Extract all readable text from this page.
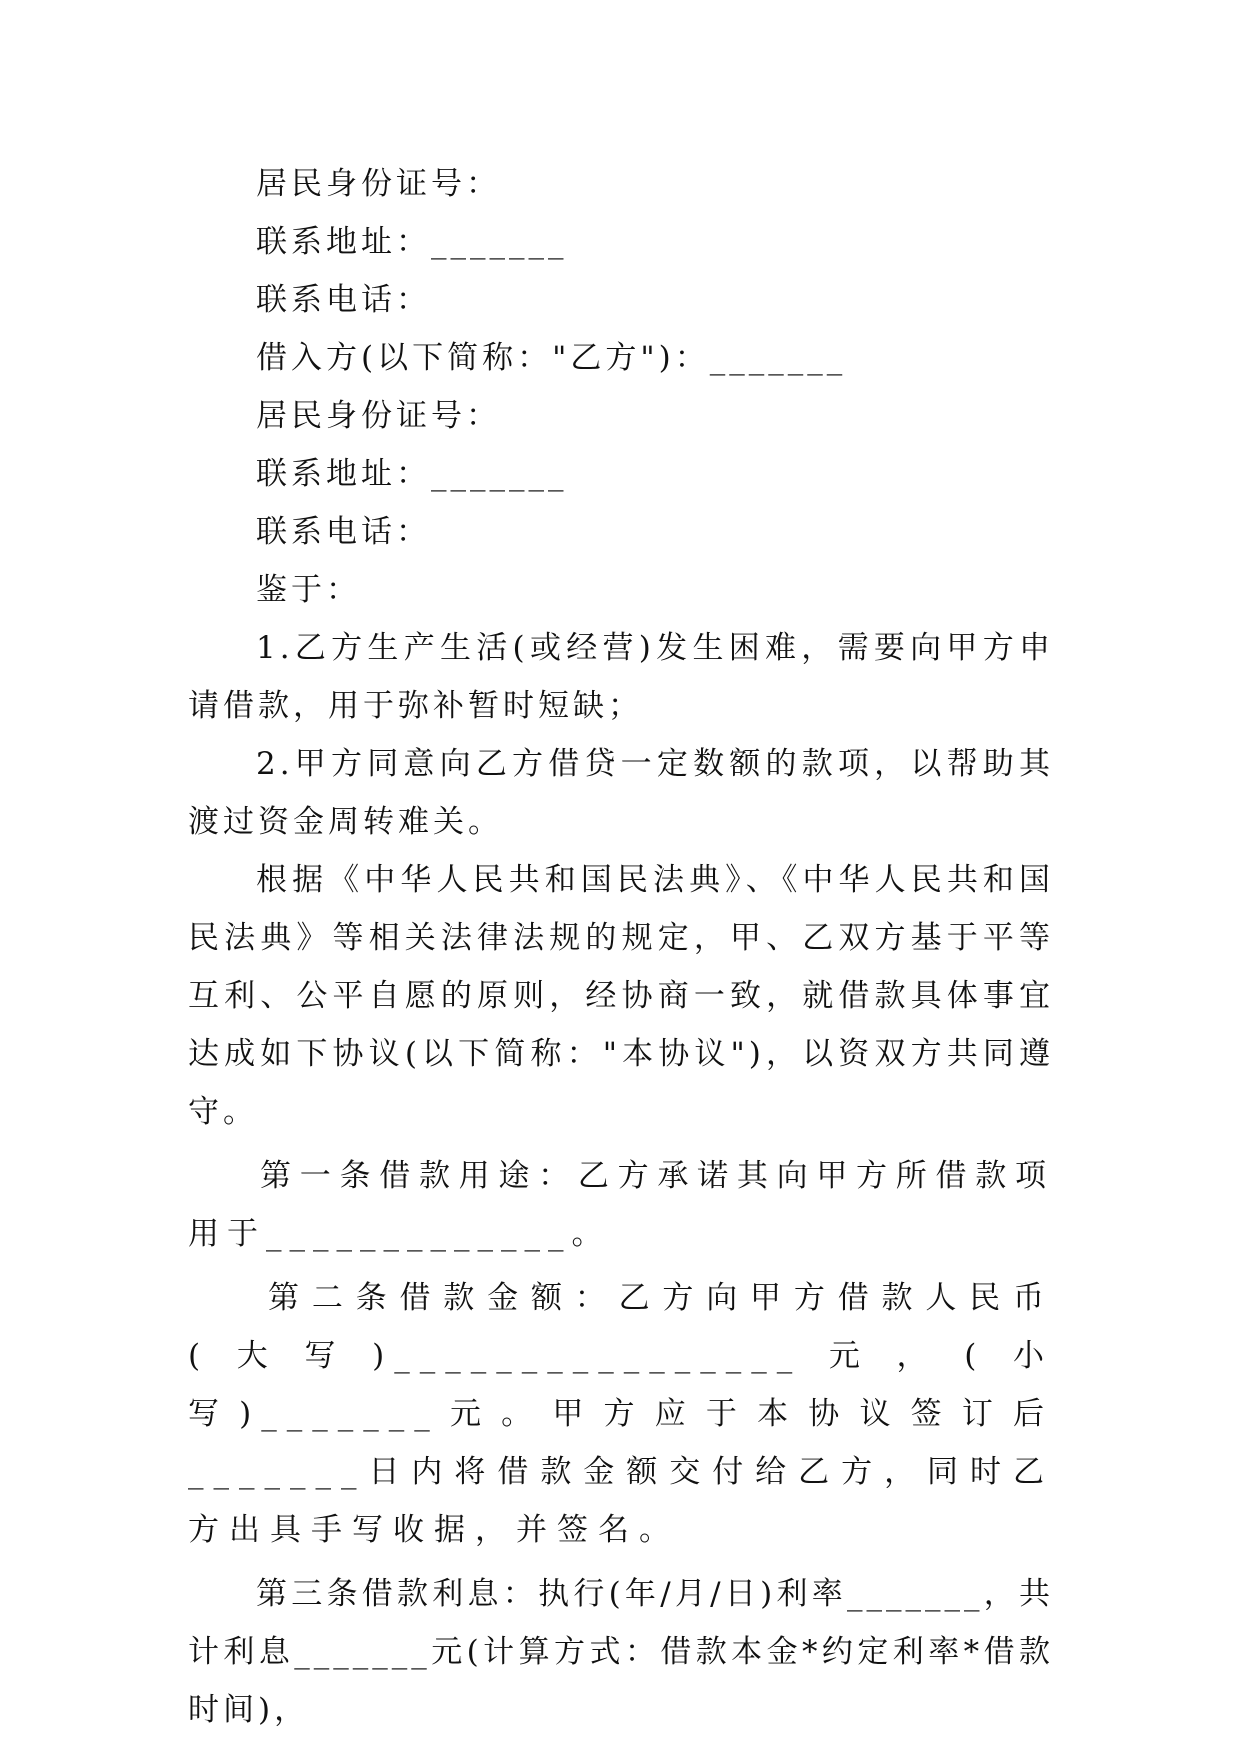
居民身份证号：

联系地址：_______

联系电话：

借入方(以下简称："乙方")：_______

居民身份证号：

联系地址：_______

联系电话：

鉴于：

1.乙方生产生活(或经营)发生困难，需要向甲方申请借款，用于弥补暂时短缺；

2.甲方同意向乙方借贷一定数额的款项，以帮助其渡过资金周转难关。

根据《中华人民共和国民法典》、《中华人民共和国民法典》等相关法律法规的规定，甲、乙双方基于平等互利、公平自愿的原则，经协商一致，就借款具体事宜达成如下协议(以下简称："本协议")，以资双方共同遵守。

第一条借款用途：乙方承诺其向甲方所借款项用于_____________。

第二条借款金额：乙方向甲方借款人民币(大写)________________元，(小写)_______元。甲方应于本协议签订后_______日内将借款金额交付给乙方，同时乙方出具手写收据，并签名。

第三条借款利息：执行(年/月/日)利率_______，共计利息_______元(计算方式：借款本金*约定利率*借款时间)，
